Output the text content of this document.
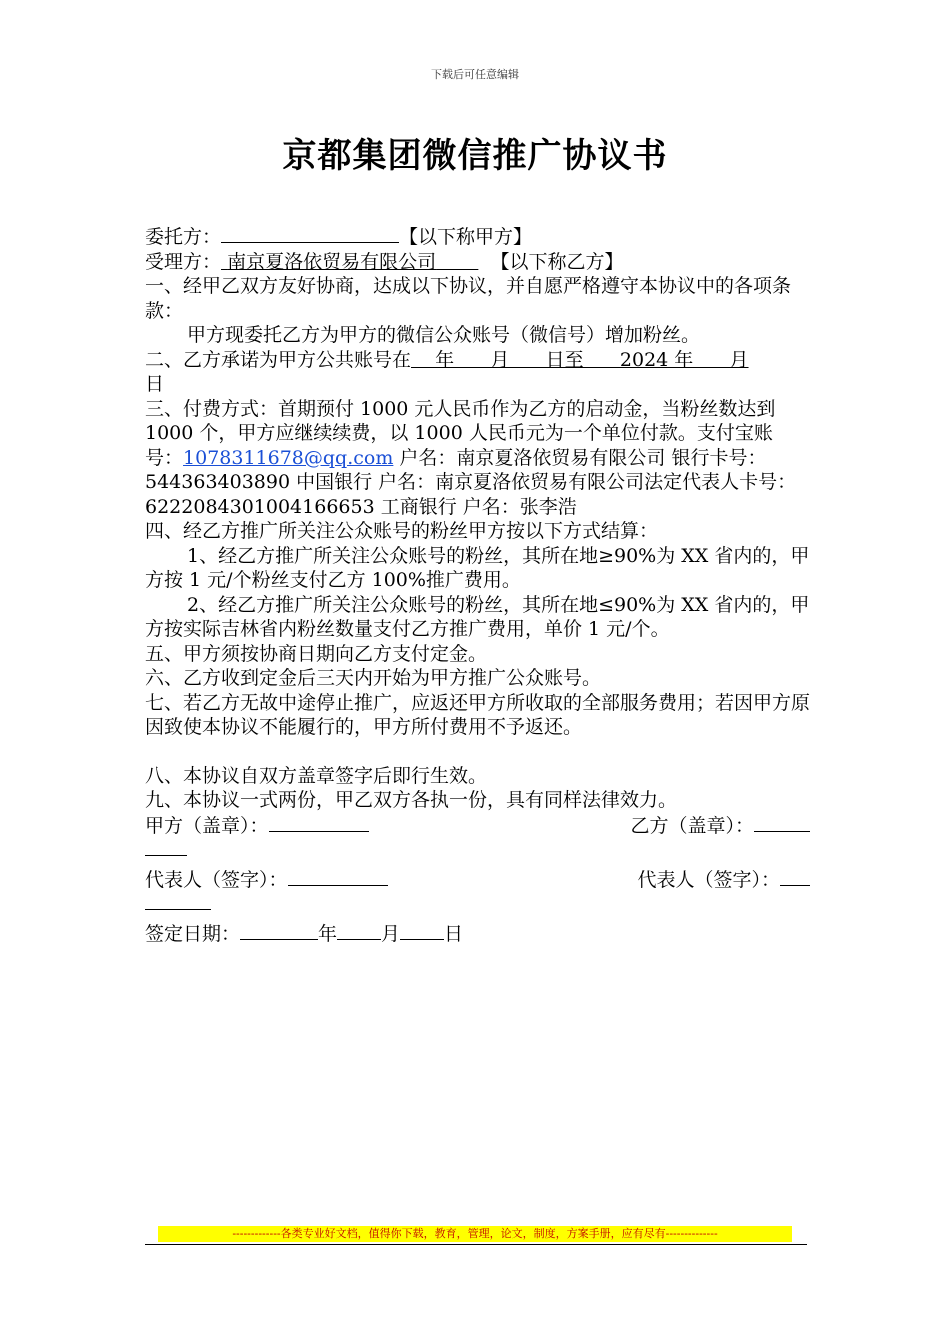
下载后可任意编辑
京都集团微信推广协议书

委托方：	【以下称甲方】

受理方： 南京夏洛依贸易有限公司	【以下称乙方】

一、经甲乙双方友好协商，达成以下协议，并自愿严格遵守本协议中的各项条款：

甲方现委托乙方为甲方的微信公众账号（微信号）增加粉丝。

二、乙方承诺为甲方公共账号在    年      月      日至      2024 年      月
日

三、付费方式：首期预付 1000 元人民币作为乙方的启动金，当粉丝数达到 1000 个，甲方应继续续费，以 1000 人民币元为一个单位付款。支付宝账号：1078311678@qq.com 户名：南京夏洛依贸易有限公司 银行卡号：544363403890 中国银行 户名：南京夏洛依贸易有限公司法定代表人卡号：6222084301004166653 工商银行 户名：张李浩

四、经乙方推广所关注公众账号的粉丝甲方按以下方式结算：

1、经乙方推广所关注公众账号的粉丝，其所在地≥90%为 XX 省内的，甲方按 1 元/个粉丝支付乙方 100%推广费用。

2、经乙方推广所关注公众账号的粉丝，其所在地≤90%为 XX 省内的，甲方按实际吉林省内粉丝数量支付乙方推广费用，单价 1 元/个。

五、甲方须按协商日期向乙方支付定金。

六、乙方收到定金后三天内开始为甲方推广公众账号。

七、若乙方无故中途停止推广，应返还甲方所收取的全部服务费用；若因甲方原因致使本协议不能履行的，甲方所付费用不予返还。

八、本协议自双方盖章签字后即行生效。

九、本协议一式两份，甲乙双方各执一份，具有同样法律效力。

甲方（盖章）：	乙方（盖章）：
代表人（签字）：	代表人（签字）：

签定日期：	年 月 日

-------------各类专业好文档，值得你下载，教育，管理，论文，制度，方案手册，应有尽有--------------
